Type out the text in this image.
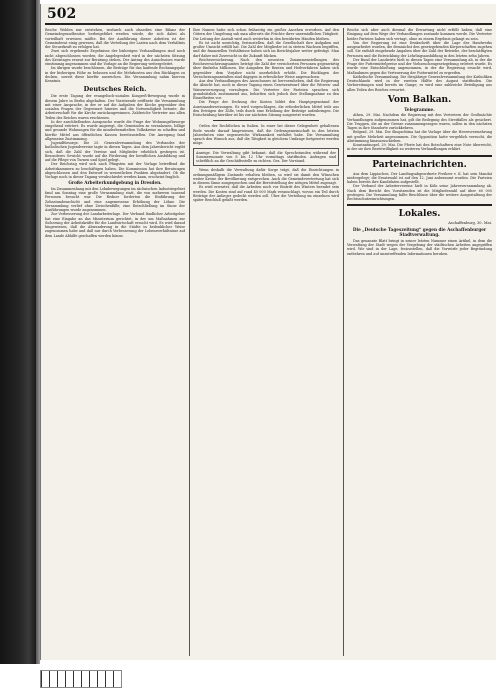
502

Reiche Wohlen nur entstehen, wodurch auch ohnedies eine Bilanz der Gemeindegrundbesitze herbeigeführt werden würde, die sich dabei als vorteilhaft erweisen müßte. Bei der Ausführung dieser Arbeiten ist der Gemeinderat einig gewesen, daß die Verteilung der Lasten nach dem Verhältnis der Steuerkraft zu erfolgen hat.

Zwei sich ergebende Ergebnisse der bisherigen Verhandlungen sind noch nicht abgeschlossen worden; die Angelegenheit wird in der nächsten Sitzung des Kreistages erneut zur Beratung stehen. Der Antrag des Ausschusses wurde einstimmig angenommen und die Vorlage an die Regierung weitergeleitet.

Im übrigen wurde beschlossen, die Beiträge für das laufende Rechnungsjahr in der bisherigen Höhe zu belassen und die Mehrkosten aus den Rücklagen zu decken, soweit diese hierfür ausreichen. Die Versammlung nahm hiervon Kenntnis.

Deutsches Reich.

Die erste Tagung der evangelisch-sozialen Kongreß-Bewegung wurde in diesem Jahre in Berlin abgehalten. Der Vorsitzende eröffnete die Versammlung mit einer Ansprache, in der er auf die Aufgaben der Kirche gegenüber den sozialen Fragen der Gegenwart hinwies und die Notwendigkeit betonte, die Arbeiterschaft für die Kirche zurückzugewinnen. Zahlreiche Vertreter aus allen Teilen des Reiches waren erschienen.

In der anschließenden Aussprache wurde die Frage der Wohnungsfürsorge eingehend erörtert. Es wurde angeregt, die Gemeinden zu veranlassen, billige und gesunde Wohnungen für die minderbemittelten Volkskreise zu schaffen und hierfür Mittel aus öffentlichen Kassen bereitzustellen. Die Anregung fand allgemeine Zustimmung.

Jugendfürsorge. Die 25. Generalversammlung des Verbandes der katholischen Jugendvereine tagte in diesen Tagen. Aus dem Jahresbericht ergibt sich, daß die Zahl der Vereine und Mitglieder erheblich gestiegen ist. Besonderes Gewicht wurde auf die Förderung der beruflichen Ausbildung und auf die Pflege von Turnen und Spiel gelegt.

Der Reichstag wird sich nach Pfingsten mit der Vorlage betreffend die Arbeitskammern zu beschäftigen haben. Die Kommission hat ihre Beratungen abgeschlossen und den Entwurf in wesentlichen Punkten abgeändert. Ob die Vorlage noch in dieser Tagung verabschiedet werden kann, erscheint fraglich.

Große Arbeiterkundgebung in Dresden.

Im Zusammenhang mit den Lohnbewegungen im sächsischen Industriegebiet fand am Sonntag eine große Versammlung statt, die von mehreren tausend Personen besucht war. Die Redner forderten die Einführung der Zehnstundenschicht und eine angemessene Erhöhung der Löhne. Die Versammlung verlief ohne Zwischenfälle; eine Entschließung im Sinne der Ausführungen wurde angenommen.

Zur Verbesserung der Landarbeiterlage. Der Verband ländlicher Arbeitgeber hat eine Eingabe an das Ministerium gerichtet, in der um Maßnahmen zur Sicherung der Arbeitskräfte für die Landwirtschaft ersucht wird. Es wird darauf hingewiesen, daß die Abwanderung in die Städte in bedenklicher Weise zugenommen habe und daß nur durch Verbesserung der Lebensverhältnisse auf dem Lande Abhilfe geschaffen werden könne.

Ihre Namen hatte sich schon frühzeitig ein großes Ansehen erworben. Auf den Gütern der Umgebung sah man allerorts die Früchte ihrer unermüdlichen Tätigkeit. Die Leitung der Anstalt wird auch weiterhin in den bewährten Händen bleiben.

Es ist nicht unwichtig, festzustellen, daß die Gesellschaft ihre Aufgaben mit großer Umsicht erfüllt hat. Die Zahl der Mitglieder ist in stetem Wachsen begriffen, und die finanziellen Verhältnisse haben sich im Berichtsjahre weiter gefestigt. Man darf daher mit Zuversicht in die Zukunft blicken.

Reichsversicherung. Nach den neuesten Zusammenstellungen des Reichsversicherungsamtes beträgt die Zahl der versicherten Personen gegenwärtig über fünfzehn Millionen. Die Ausgaben für Renten und Heilverfahren haben sich gegenüber dem Vorjahre nicht unerheblich erhöht. Die Rücklagen der Versicherungsanstalten sind dagegen in erfreulicher Weise angewachsen.

Aus den Verhandlungen des Ausschusses ist hervorzuheben, daß die Regierung die Absicht hat, noch in dieser Tagung einen Gesetzentwurf über die Witwen- und Waisenversorgung vorzulegen. Die Vertreter der Parteien sprachen sich grundsätzlich zustimmend aus, behielten sich jedoch ihre Stellungnahme zu den Einzelheiten vor.

Die Frage der Deckung der Kosten bildet den Hauptgegenstand der Auseinandersetzungen. Es wird vorgeschlagen, die erforderlichen Mittel teils aus den Erträgen der Zölle, teils durch eine Erhöhung der Beiträge aufzubringen. Die Entscheidung hierüber ist bis zur nächsten Sitzung ausgesetzt worden.

Orden der Rechtlichen in Italien. In einer bei dieser Gelegenheit gehaltenen Rede wurde darauf hingewiesen, daß die Ordensgemeinschaft in den letzten Jahrzehnten eine segensreiche Wirksamkeit entfaltet habe. Die Versammlung sprach den Wunsch aus, daß die Tätigkeit in gleichem Umfange fortgesetzt werden möge.

Anzeige. Die Verwaltung gibt bekannt, daß die Sprechstunden während der Sommermonate von 8 bis 12 Uhr vormittags stattfinden. Anfragen sind schriftlich an die Geschäftsstelle zu richten. Gez. Der Vorstand.

Wenn deshalb die Verwaltung dafür Sorge trägt, daß die Einrichtungen in ordnungsmäßigem Zustande erhalten bleiben, so wird sie damit den Wünschen weiter Kreise der Bevölkerung entsprechen. Auch die Gemeindevertretung hat sich in diesem Sinne ausgesprochen und die Bereitstellung der nötigen Mittel zugesagt.

Es wird erwartet, daß die Arbeiten noch vor Eintritt des Winters beendet sein werden. Die Kosten sind auf rund 40 000 Mark veranschlagt, wovon ein Teil durch Beiträge der Anlieger gedeckt werden soll. Über die Verteilung im einzelnen wird später Beschluß gefaßt werden.

Reiche sich aber auch diesmal die Erwartung nicht erfüllt haben, daß eine Einigung auf dem Wege der Verhandlungen zustande kommen werde. Die Vertreter beider Parteien haben sich vertagt, ohne zu einem Ergebnis gelangt zu sein.

Von der Regierung ist eine Denkschrift über die Lage des Handwerks ausgearbeitet worden, die demnächst den gesetzgebenden Körperschaften zugehen soll. Sie enthält eingehende Angaben über die Zahl der Betriebe, der beschäftigten Personen und die Entwicklung der Lehrlingsausbildung in den letzten zehn Jahren.

Der Bund der Landwirte hielt in diesen Tagen eine Versammlung ab, in der die Frage der Futtermittelpreise und der Viehseuchengesetzgebung erörtert wurde. Es wurde eine Entschließung angenommen, in der die Regierung ersucht wird, Maßnahmen gegen die Verteuerung der Futtermittel zu ergreifen.

Katholische Versammlung. Die diesjährige Generalversammlung der Katholiken Deutschlands wird in der zweiten Hälfte des August stattfinden. Die Vorbereitungen sind bereits im Gange; es wird eine zahlreiche Beteiligung aus allen Teilen des Reiches erwartet.

Vom Balkan.
Telegramme.

Athen, 29. Mai. Nachdem die Regierung mit den Vertretern der Großmächte Verhandlungen aufgenommen hat, gilt die Beilegung des Streitfalles als gesichert. Die Truppen, die an der Grenze zusammengezogen waren, sollen in den nächsten Tagen in ihre Standorte zurückkehren.

Belgrad, 29. Mai. Die Skupschtina hat die Vorlage über die Heeresvermehrung mit großer Mehrheit angenommen. Die Opposition hatte vergeblich versucht, die Abstimmung hinauszuschieben.

Konstantinopel, 29. Mai. Die Pforte hat den Botschaftern eine Note überreicht, in der sie ihre Bereitwilligkeit zu weiteren Verhandlungen erklärt.

Parteinachrichten.

Aus dem Lippischen. Der Landtagsabgeordnete Freiherr v. K. hat sein Mandat niedergelegt; die Ersatzwahl ist auf den 12. Juni anberaumt worden. Die Parteien haben bereits ihre Kandidaten aufgestellt.

Der Verband der Arbeitervereine hielt in Köln seine Jahresversammlung ab. Nach dem Bericht des Vorsitzenden ist die Mitgliederzahl auf über 60 000 gestiegen. Die Versammlung faßte Beschlüsse über die weitere Ausgestaltung der Rechtsschutzeinrichtungen.

Lokales.
Aschaffenburg, 30. Mai.
Die „Deutsche Tageszeitung“ gegen die Aschaffenburger Stadtverwaltung.

Das genannte Blatt bringt in seiner letzten Nummer einen Artikel, in dem die Verwaltung der Stadt wegen der Vergebung der städtischen Arbeiten angegriffen wird. Wir sind in der Lage, festzustellen, daß die Vorwürfe jeder Begründung entbehren und auf unzutreffenden Informationen beruhen.
